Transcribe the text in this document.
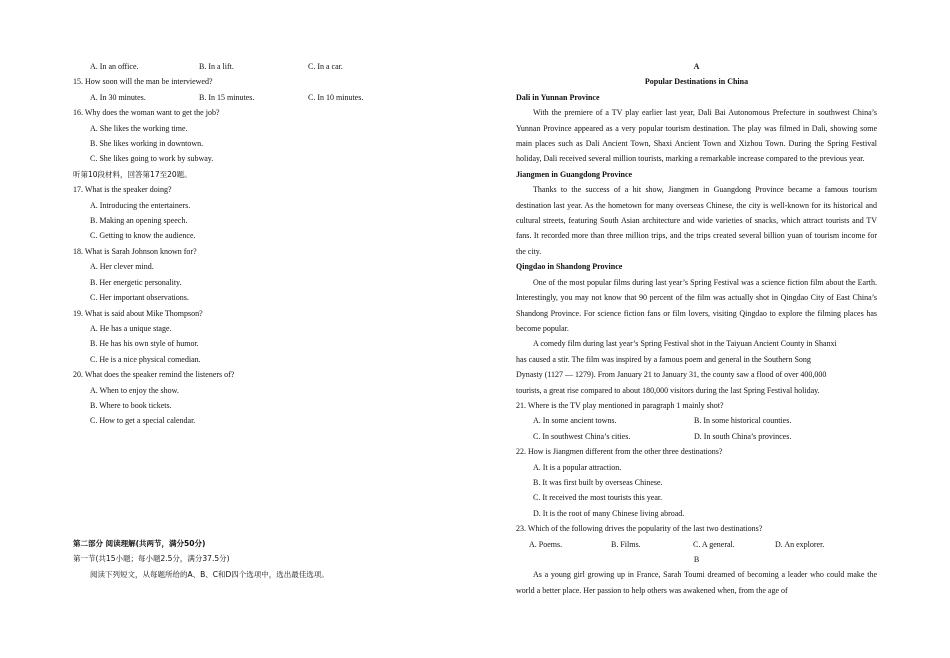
A. In an office.	B. In a lift.	C. In a car.
15. How soon will the man be interviewed?
A. In 30 minutes.	B. In 15 minutes.	C. In 10 minutes.
16. Why does the woman want to get the job?
A. She likes the working time.
B. She likes working in downtown.
C. She likes going to work by subway.
听第10段材料，回答第17至20题。
17. What is the speaker doing?
A. Introducing the entertainers.
B. Making an opening speech.
C. Getting to know the audience.
18. What is Sarah Johnson known for?
A. Her clever mind.
B. Her energetic personality.
C. Her important observations.
19. What is said about Mike Thompson?
A. He has a unique stage.
B. He has his own style of humor.
C. He is a nice physical comedian.
20. What does the speaker remind the listeners of?
A. When to enjoy the show.
B. Where to book tickets.
C. How to get a special calendar.
第二部分 阅读理解(共两节，满分50分)
第一节(共15小题；每小题2.5分，满分37.5分)
阅读下列短文，从每题所给的A、B、C和D四个选项中，选出最佳选项。
A
Popular Destinations in China
Dali in Yunnan Province

With the premiere of a TV play earlier last year, Dali Bai Autonomous Prefecture in southwest China’s Yunnan Province appeared as a very popular tourism destination. The play was filmed in Dali, showing some main places such as Dali Ancient Town, Shaxi Ancient Town and Xizhou Town. During the Spring Festival holiday, Dali received several million tourists, marking a remarkable increase compared to the previous year.

Jiangmen in Guangdong Province

Thanks to the success of a hit show, Jiangmen in Guangdong Province became a famous tourism destination last year. As the hometown for many overseas Chinese, the city is well-known for its historical and cultural streets, featuring South Asian architecture and wide varieties of snacks, which attract tourists and TV fans. It recorded more than three million trips, and the trips created several billion yuan of tourism income for the city.

Qingdao in Shandong Province

One of the most popular films during last year’s Spring Festival was a science fiction film about the Earth. Interestingly, you may not know that 90 percent of the film was actually shot in Qingdao City of East China’s Shandong Province. For science fiction fans or film lovers, visiting Qingdao to explore the filming places has become popular.

A comedy film during last year’s Spring Festival shot in the Taiyuan Ancient County in Shanxi
has caused a stir. The film was inspired by a famous poem and general in the Southern Song
Dynasty (1127 — 1279). From January 21 to January 31, the county saw a flood of over 400,000
tourists, a great rise compared to about 180,000 visitors during the last Spring Festival holiday.
21. Where is the TV play mentioned in paragraph 1 mainly shot?
A. In some ancient towns.	B. In some historical counties.
C. In southwest China’s cities.	D. In south China’s provinces.
22. How is Jiangmen different from the other three destinations?
A. It is a popular attraction.
B. It was first built by overseas Chinese.
C. It received the most tourists this year.
D. It is the root of many Chinese living abroad.
23. Which of the following drives the popularity of the last two destinations?
A. Poems.	B. Films.	C. A general.	D. An explorer.
B

As a young girl growing up in France, Sarah Toumi dreamed of becoming a leader who could make the world a better place. Her passion to help others was awakened when, from the age of
